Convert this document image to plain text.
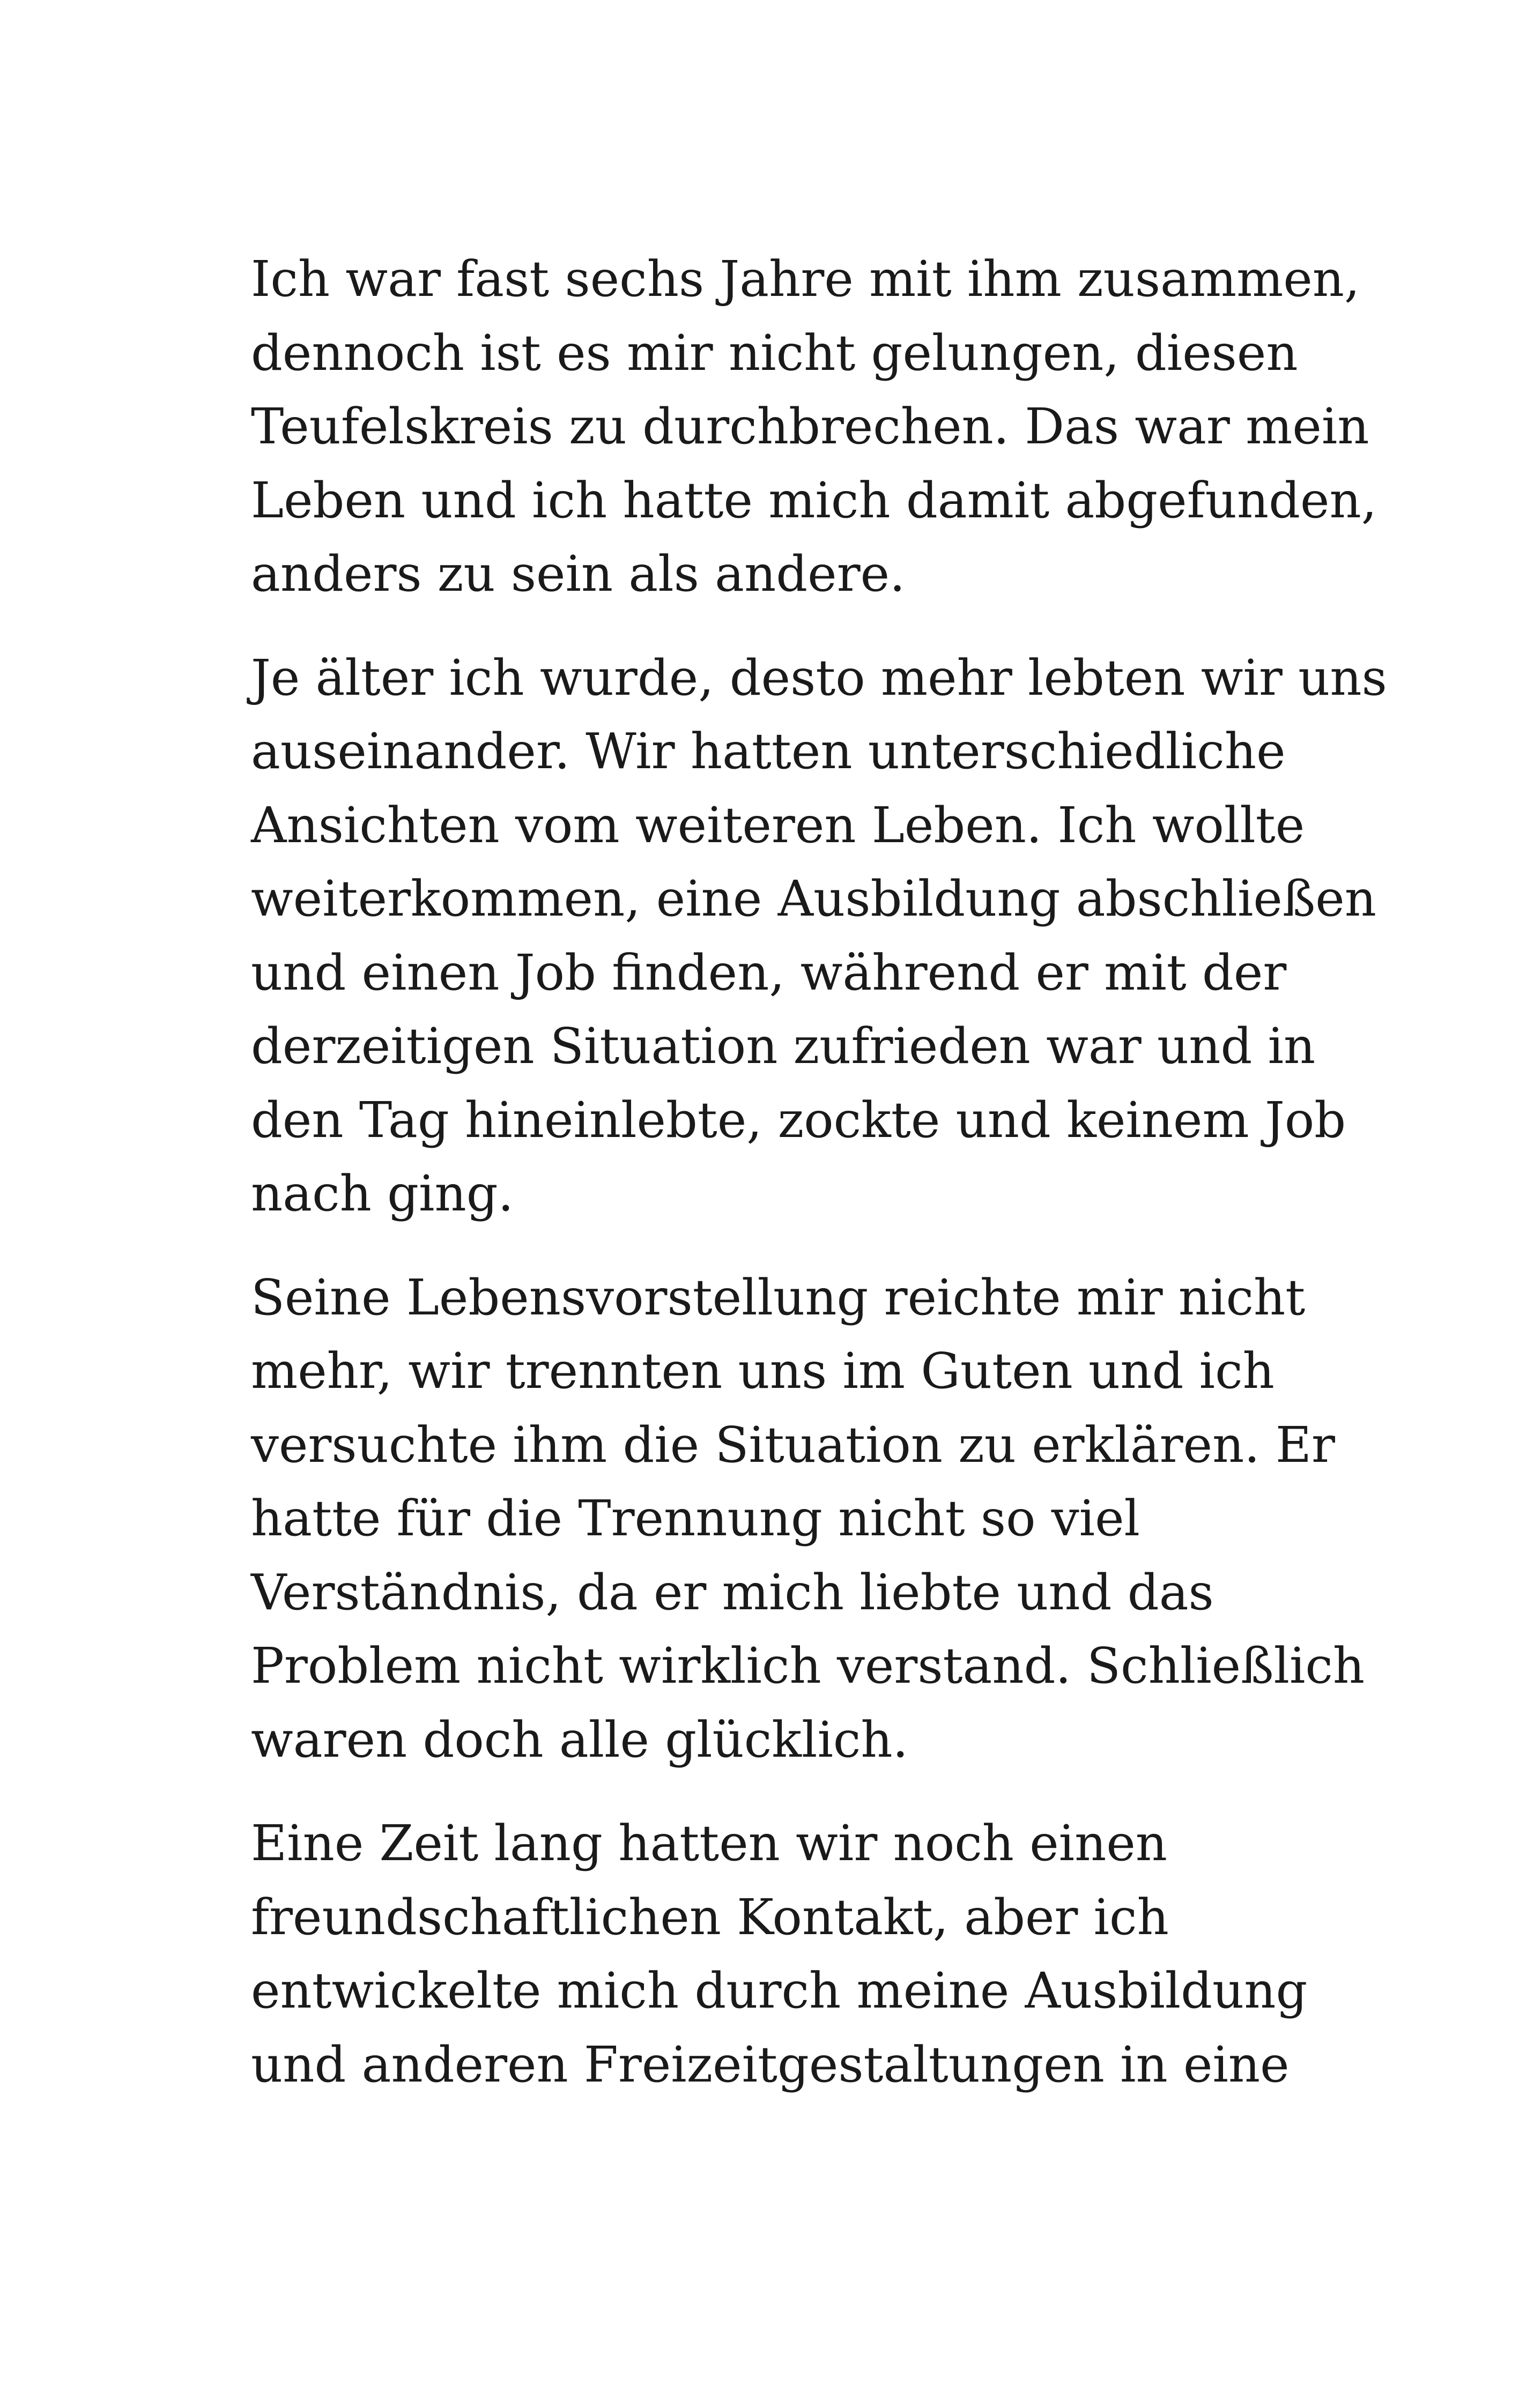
Ich war fast sechs Jahre mit ihm zusammen,
dennoch ist es mir nicht gelungen, diesen
Teufelskreis zu durchbrechen. Das war mein
Leben und ich hatte mich damit abgefunden,
anders zu sein als andere.

Je älter ich wurde, desto mehr lebten wir uns
auseinander. Wir hatten unterschiedliche
Ansichten vom weiteren Leben. Ich wollte
weiterkommen, eine Ausbildung abschließen
und einen Job finden, während er mit der
derzeitigen Situation zufrieden war und in
den Tag hineinlebte, zockte und keinem Job
nach ging.

Seine Lebensvorstellung reichte mir nicht
mehr, wir trennten uns im Guten und ich
versuchte ihm die Situation zu erklären. Er
hatte für die Trennung nicht so viel
Verständnis, da er mich liebte und das
Problem nicht wirklich verstand. Schließlich
waren doch alle glücklich.

Eine Zeit lang hatten wir noch einen
freundschaftlichen Kontakt, aber ich
entwickelte mich durch meine Ausbildung
und anderen Freizeitgestaltungen in eine
